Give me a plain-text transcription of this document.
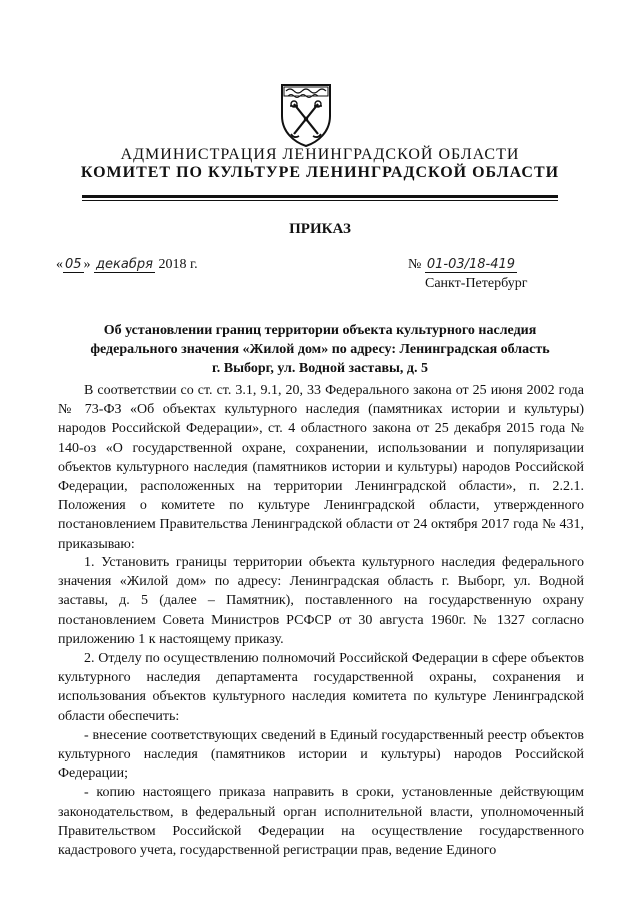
АДМИНИСТРАЦИЯ ЛЕНИНГРАДСКОЙ ОБЛАСТИ
КОМИТЕТ ПО КУЛЬТУРЕ ЛЕНИНГРАДСКОЙ ОБЛАСТИ
ПРИКАЗ
« 05 » декабря 2018 г.	№ 01-03/18-419
Санкт-Петербург
Об установлении границ территории объекта культурного наследия
федерального значения «Жилой дом» по адресу: Ленинградская область
г. Выборг, ул. Водной заставы, д. 5

В соответствии со ст. ст. 3.1, 9.1, 20, 33 Федерального закона от 25 июня 2002 года № 73-ФЗ «Об объектах культурного наследия (памятниках истории и культуры) народов Российской Федерации», ст. 4 областного закона от 25 декабря 2015 года № 140-оз «О государственной охране, сохранении, использовании и популяризации объектов культурного наследия (памятников истории и культуры) народов Российской Федерации, расположенных на территории Ленинградской области», п. 2.2.1. Положения о комитете по культуре Ленинградской области, утвержденного постановлением Правительства Ленинградской области от 24 октября 2017 года № 431, приказываю:

1. Установить границы территории объекта культурного наследия федерального значения «Жилой дом» по адресу: Ленинградская область г. Выборг, ул. Водной заставы, д. 5 (далее – Памятник), поставленного на государственную охрану постановлением Совета Министров РСФСР от 30 августа 1960г. № 1327 согласно приложению 1 к настоящему приказу.

2. Отделу по осуществлению полномочий Российской Федерации в сфере объектов культурного наследия департамента государственной охраны, сохранения и использования объектов культурного наследия комитета по культуре Ленинградской области обеспечить:

- внесение соответствующих сведений в Единый государственный реестр объектов культурного наследия (памятников истории и культуры) народов Российской Федерации;

- копию настоящего приказа направить в сроки, установленные действующим законодательством, в федеральный орган исполнительной власти, уполномоченный Правительством Российской Федерации на осуществление государственного кадастрового учета, государственной регистрации прав, ведение Единого
